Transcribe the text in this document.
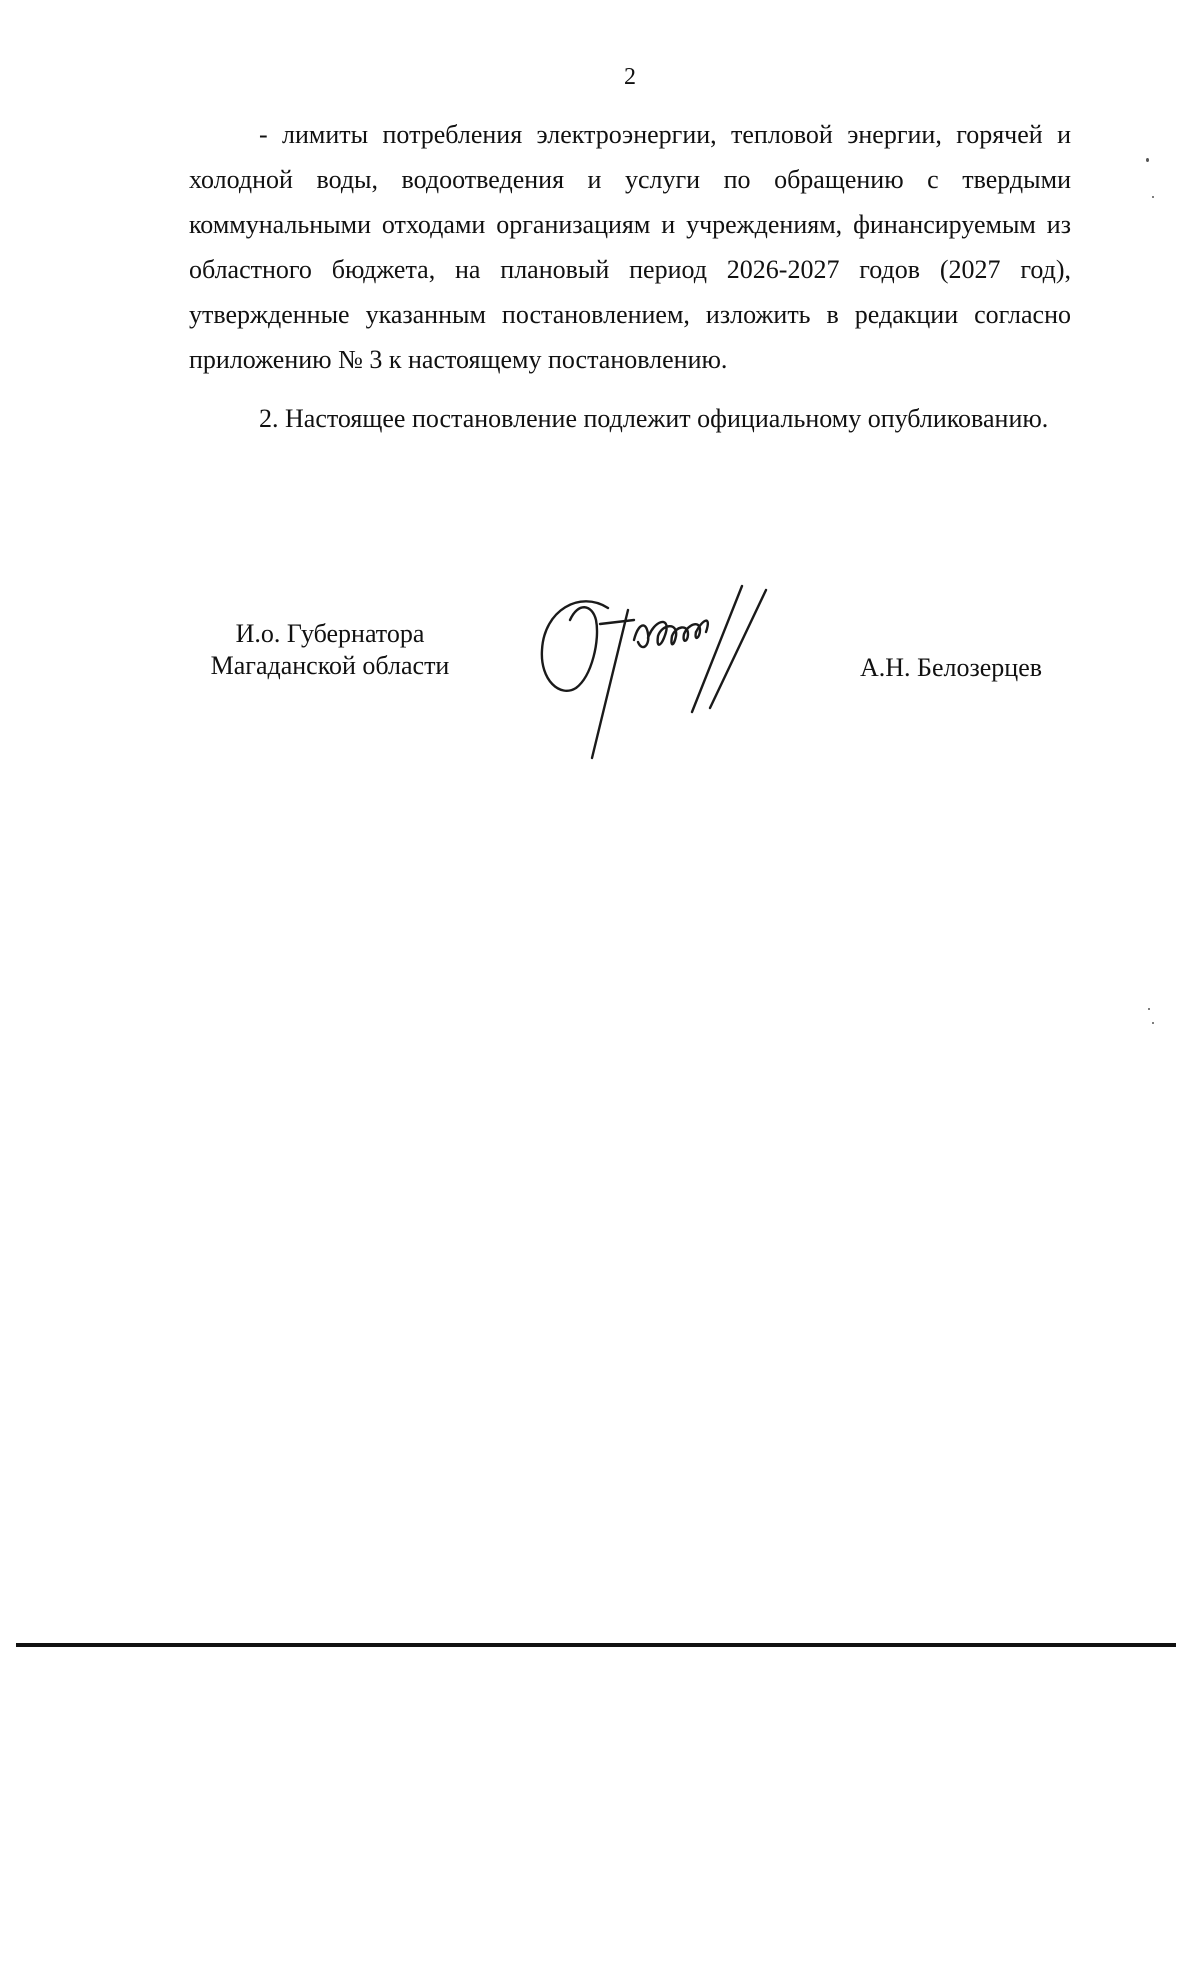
2

- лимиты потребления электроэнергии, тепловой энергии, горячей и холодной воды, водоотведения и услуги по обращению с твердыми коммунальными отходами организациям и учреждениям, финансируемым из областного бюджета, на плановый период 2026-2027 годов (2027 год), утвержденные указанным постановлением, изложить в редакции согласно приложению № 3 к настоящему постановлению.

2. Настоящее постановление подлежит официальному опубликованию.

И.о. Губернатора
Магаданской области	А.Н. Белозерцев
